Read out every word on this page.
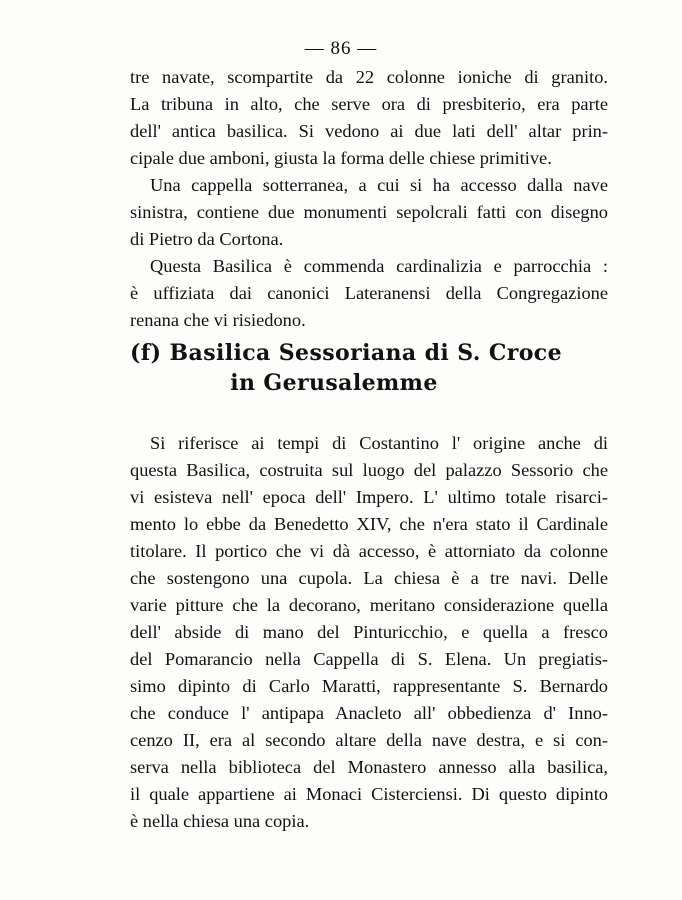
— 86 —
tre navate, scompartite da 22 colonne ioniche di granito.
La tribuna in alto, che serve ora di presbiterio, era parte
dell' antica basilica. Si vedono ai due lati dell' altar prin-
cipale due amboni, giusta la forma delle chiese primitive.
Una cappella sotterranea, a cui si ha accesso dalla nave
sinistra, contiene due monumenti sepolcrali fatti con disegno
di Pietro da Cortona.
Questa Basilica è commenda cardinalizia e parrocchia :
è uffiziata dai canonici Lateranensi della Congregazione
renana che vi risiedono.
(f) Basilica Sessoriana di S. Croce
in Gerusalemme
Si riferisce ai tempi di Costantino l' origine anche di
questa Basilica, costruita sul luogo del palazzo Sessorio che
vi esisteva nell' epoca dell' Impero. L' ultimo totale risarci-
mento lo ebbe da Benedetto XIV, che n'era stato il Cardinale
titolare. Il portico che vi dà accesso, è attorniato da colonne
che sostengono una cupola. La chiesa è a tre navi. Delle
varie pitture che la decorano, meritano considerazione quella
dell' abside di mano del Pinturicchio, e quella a fresco
del Pomarancio nella Cappella di S. Elena. Un pregiatis-
simo dipinto di Carlo Maratti, rappresentante S. Bernardo
che conduce l' antipapa Anacleto all' obbedienza d' Inno-
cenzo II, era al secondo altare della nave destra, e si con-
serva nella biblioteca del Monastero annesso alla basilica,
il quale appartiene ai Monaci Cisterciensi. Di questo dipinto
è nella chiesa una copia.
